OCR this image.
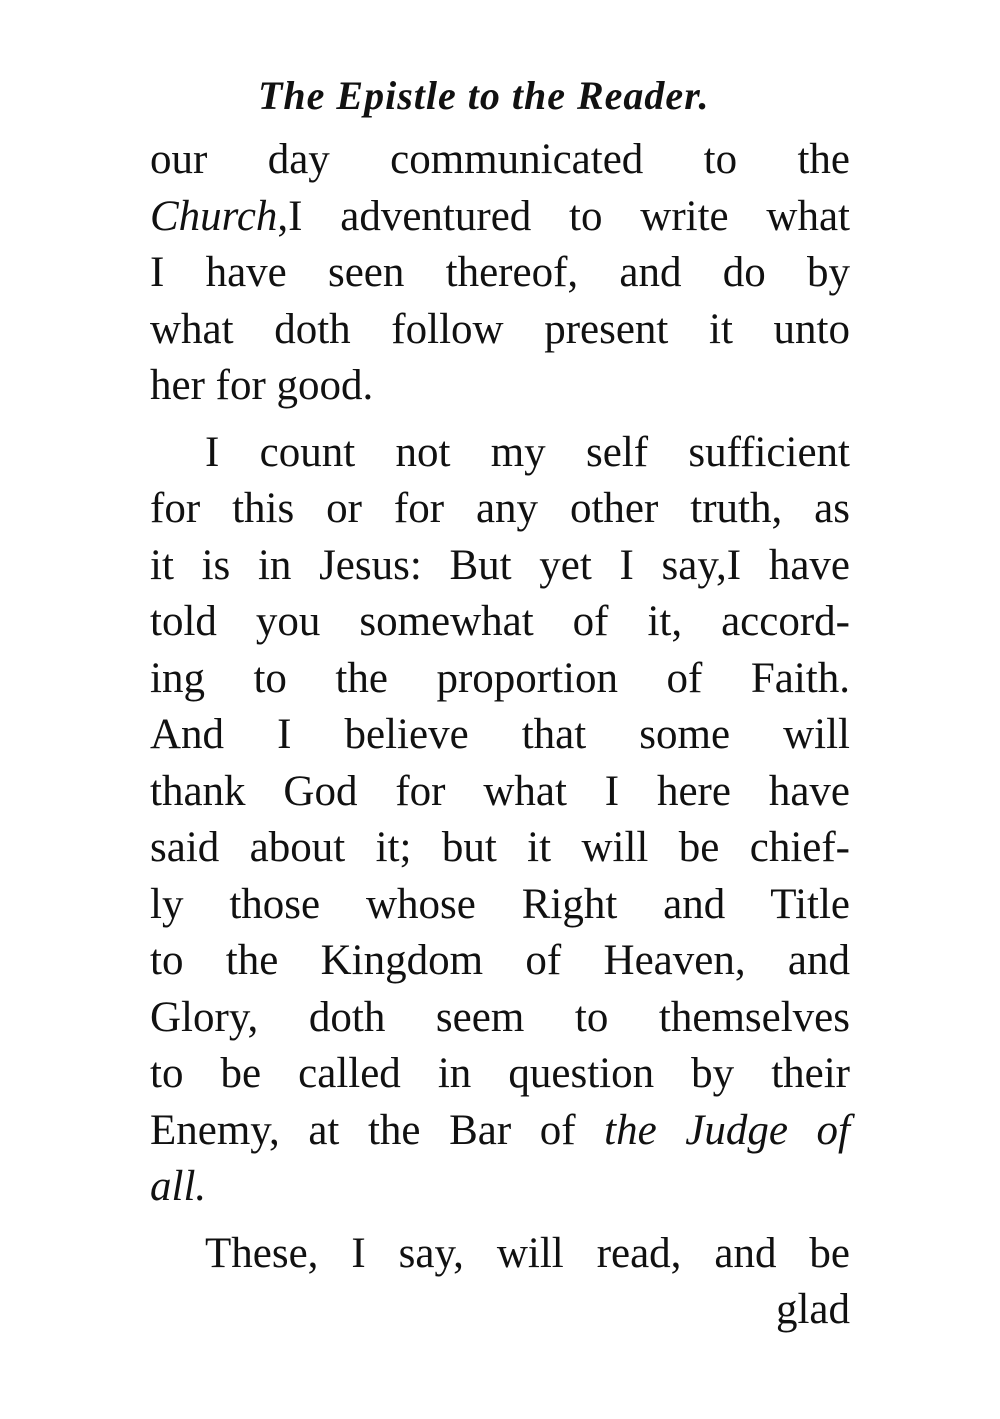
The Epistle to the Reader.
our day communicated to the
Church,I adventured to write what
I have seen thereof, and do by
what doth follow present it unto
her for good.
I count not my self sufficient
for this or for any other truth, as
it is in Jesus: But yet I say,I have
told you somewhat of it, accord-
ing to the proportion of Faith.
And I believe that some will
thank God for what I here have
said about it; but it will be chief-
ly those whose Right and Title
to the Kingdom of Heaven, and
Glory, doth seem to themselves
to be called in question by their
Enemy, at the Bar of the Judge of
all.
These, I say, will read, and be
glad
